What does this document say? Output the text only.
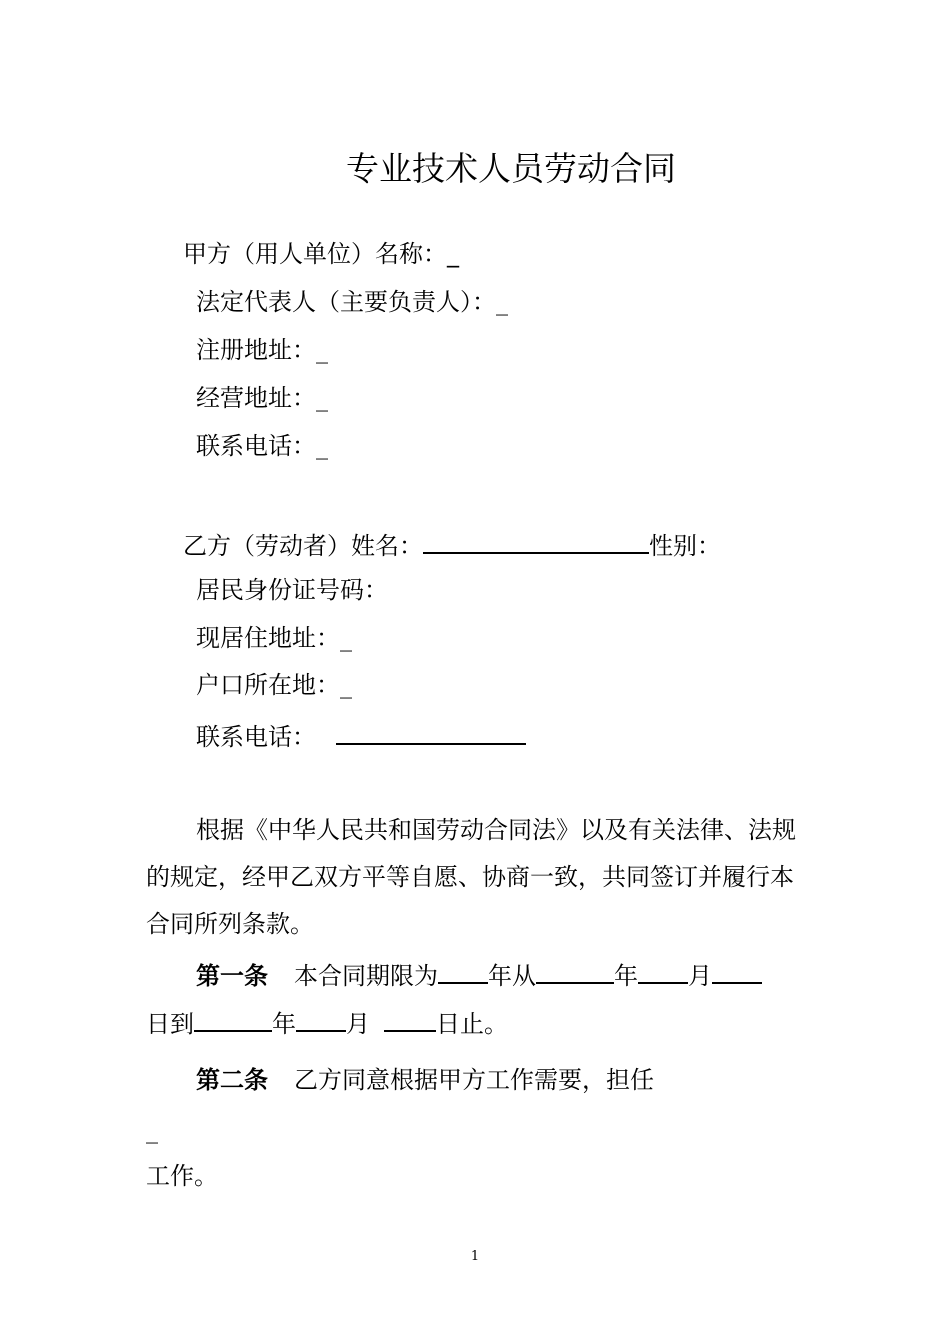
专业技术人员劳动合同
甲方（用人单位）名称：_
法定代表人（主要负责人）：_
注册地址：_
经营地址：_
联系电话：_
乙方（劳动者）姓名：	性别：
居民身份证号码：
现居住地址：_
户口所在地：_
联系电话：
根据《中华人民共和国劳动合同法》以及有关法律、法规
的规定，经甲乙双方平等自愿、协商一致，共同签订并履行本
合同所列条款。
第一条 本合同期限为 年从	年 月
日到	年 月	日止。
第二条 乙方同意根据甲方工作需要，担任
_
工作。
1
